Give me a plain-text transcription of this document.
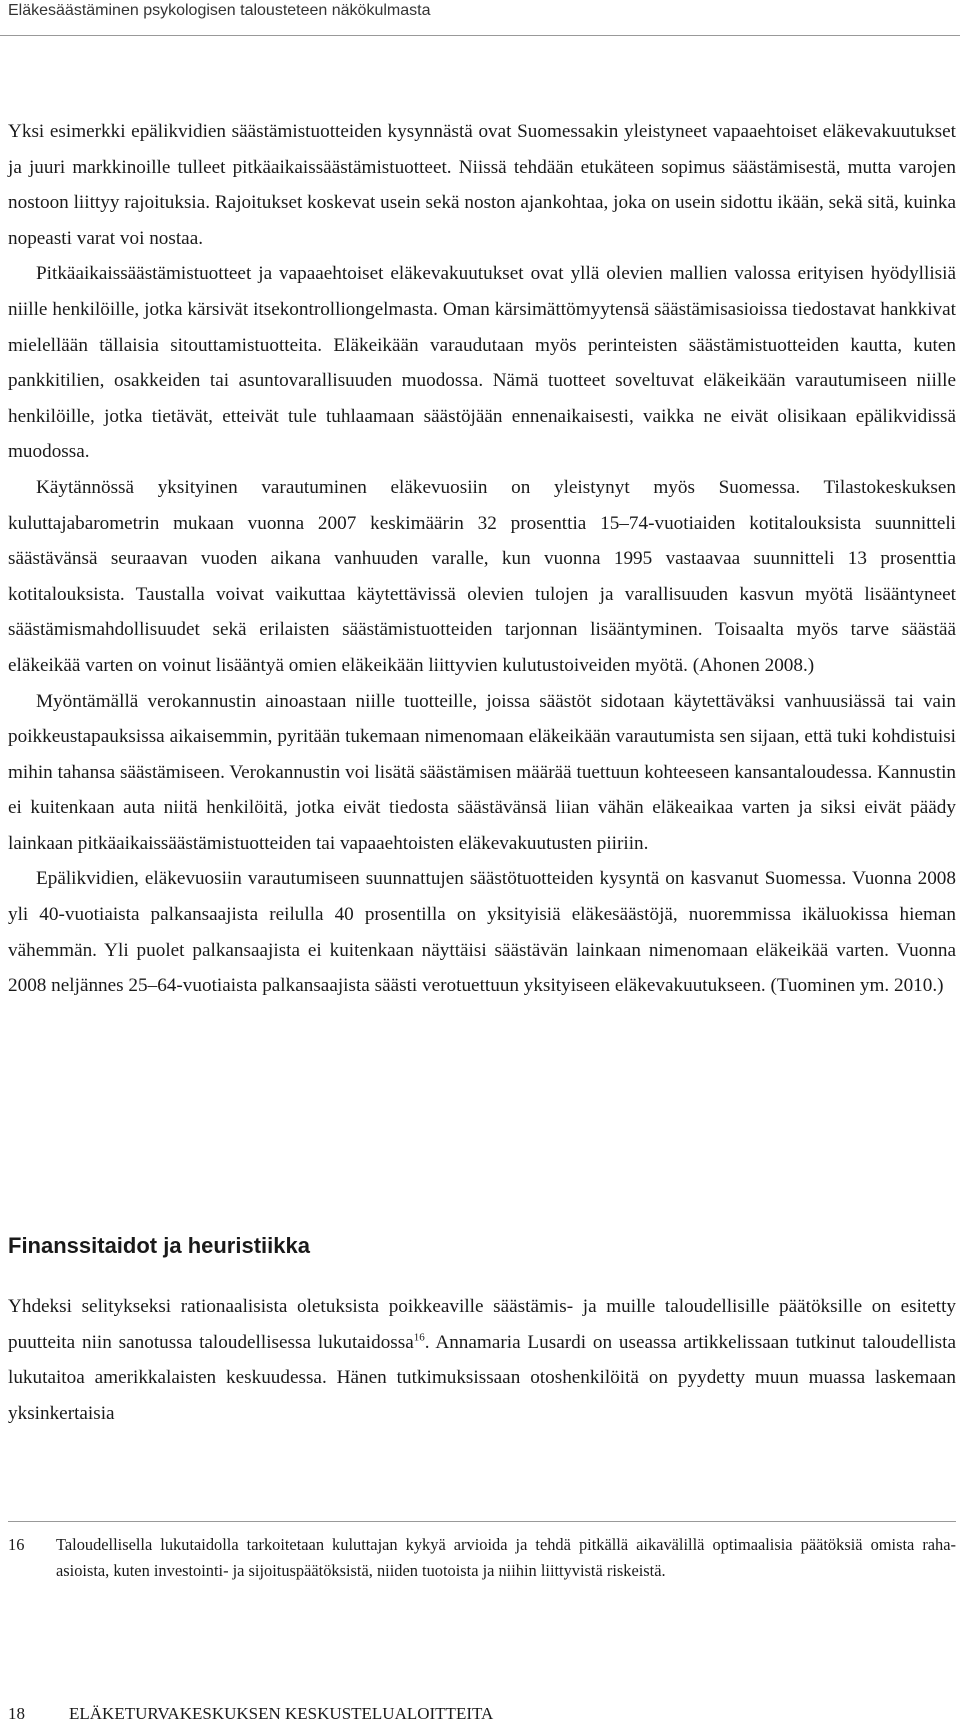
Eläkesäästäminen psykologisen talousteteen näkökulmasta

Yksi esimerkki epälikvidien säästämistuotteiden kysynnästä ovat Suomessakin yleistyneet vapaaehtoiset eläkevakuutukset ja juuri markkinoille tulleet pitkäaikaissäästämistuotteet. Niissä tehdään etukäteen sopimus säästämisestä, mutta varojen nostoon liittyy rajoituksia. Rajoitukset koskevat usein sekä noston ajankohtaa, joka on usein sidottu ikään, sekä sitä, kuinka nopeasti varat voi nostaa.

Pitkäaikaissäästämistuotteet ja vapaaehtoiset eläkevakuutukset ovat yllä olevien mallien valossa erityisen hyödyllisiä niille henkilöille, jotka kärsivät itsekontrolliongelmasta. Oman kärsimättömyytensä säästämisasioissa tiedostavat hankkivat mielellään tällaisia sitouttamistuotteita. Eläkeikään varaudutaan myös perinteisten säästämistuotteiden kautta, kuten pankkitilien, osakkeiden tai asuntovarallisuuden muodossa. Nämä tuotteet soveltuvat eläkeikään varautumiseen niille henkilöille, jotka tietävät, etteivät tule tuhlaamaan säästöjään ennenaikaisesti, vaikka ne eivät olisikaan epälikvidissä muodossa.

Käytännössä yksityinen varautuminen eläkevuosiin on yleistynyt myös Suomessa. Tilastokeskuksen kuluttajabarometrin mukaan vuonna 2007 keskimäärin 32 prosenttia 15–74-vuotiaiden kotitalouksista suunnitteli säästävänsä seuraavan vuoden aikana vanhuuden varalle, kun vuonna 1995 vastaavaa suunnitteli 13 prosenttia kotitalouksista. Taustalla voivat vaikuttaa käytettävissä olevien tulojen ja varallisuuden kasvun myötä lisääntyneet säästämismahdollisuudet sekä erilaisten säästämistuotteiden tarjonnan lisääntyminen. Toisaalta myös tarve säästää eläkeikää varten on voinut lisääntyä omien eläkeikään liittyvien kulutustoiveiden myötä. (Ahonen 2008.)

Myöntämällä verokannustin ainoastaan niille tuotteille, joissa säästöt sidotaan käytettäväksi vanhuusiässä tai vain poikkeustapauksissa aikaisemmin, pyritään tukemaan nimenomaan eläkeikään varautumista sen sijaan, että tuki kohdistuisi mihin tahansa säästämiseen. Verokannustin voi lisätä säästämisen määrää tuettuun kohteeseen kansantaloudessa. Kannustin ei kuitenkaan auta niitä henkilöitä, jotka eivät tiedosta säästävänsä liian vähän eläkeaikaa varten ja siksi eivät päädy lainkaan pitkäaikaissäästämistuotteiden tai vapaaehtoisten eläkevakuutusten piiriin.

Epälikvidien, eläkevuosiin varautumiseen suunnattujen säästötuotteiden kysyntä on kasvanut Suomessa. Vuonna 2008 yli 40-vuotiaista palkansaajista reilulla 40 prosentilla on yksityisiä eläkesäästöjä, nuoremmissa ikäluokissa hieman vähemmän. Yli puolet palkansaajista ei kuitenkaan näyttäisi säästävän lainkaan nimenomaan eläkeikää varten. Vuonna 2008 neljännes 25–64-vuotiaista palkansaajista säästi verotuettuun yksityiseen eläkevakuutukseen. (Tuominen ym. 2010.)

Finanssitaidot ja heuristiikka

Yhdeksi selitykseksi rationaalisista oletuksista poikkeaville säästämis- ja muille taloudellisille päätöksille on esitetty puutteita niin sanotussa taloudellisessa lukutaidossa$^{16}$. Annamaria Lusardi on useassa artikkelissaan tutkinut taloudellista lukutaitoa amerikkalaisten keskuudessa. Hänen tutkimuksissaan otoshenkilöitä on pyydetty muun muassa laskemaan yksinkertaisia

16	Taloudellisella lukutaidolla tarkoitetaan kuluttajan kykyä arvioida ja tehdä pitkällä aikavälillä optimaalisia päätöksiä omista raha-asioista, kuten investointi- ja sijoituspäätöksistä, niiden tuotoista ja niihin liittyvistä riskeistä.
18	ELÄKETURVAKESKUKSEN KESKUSTELUALOITTEITA
